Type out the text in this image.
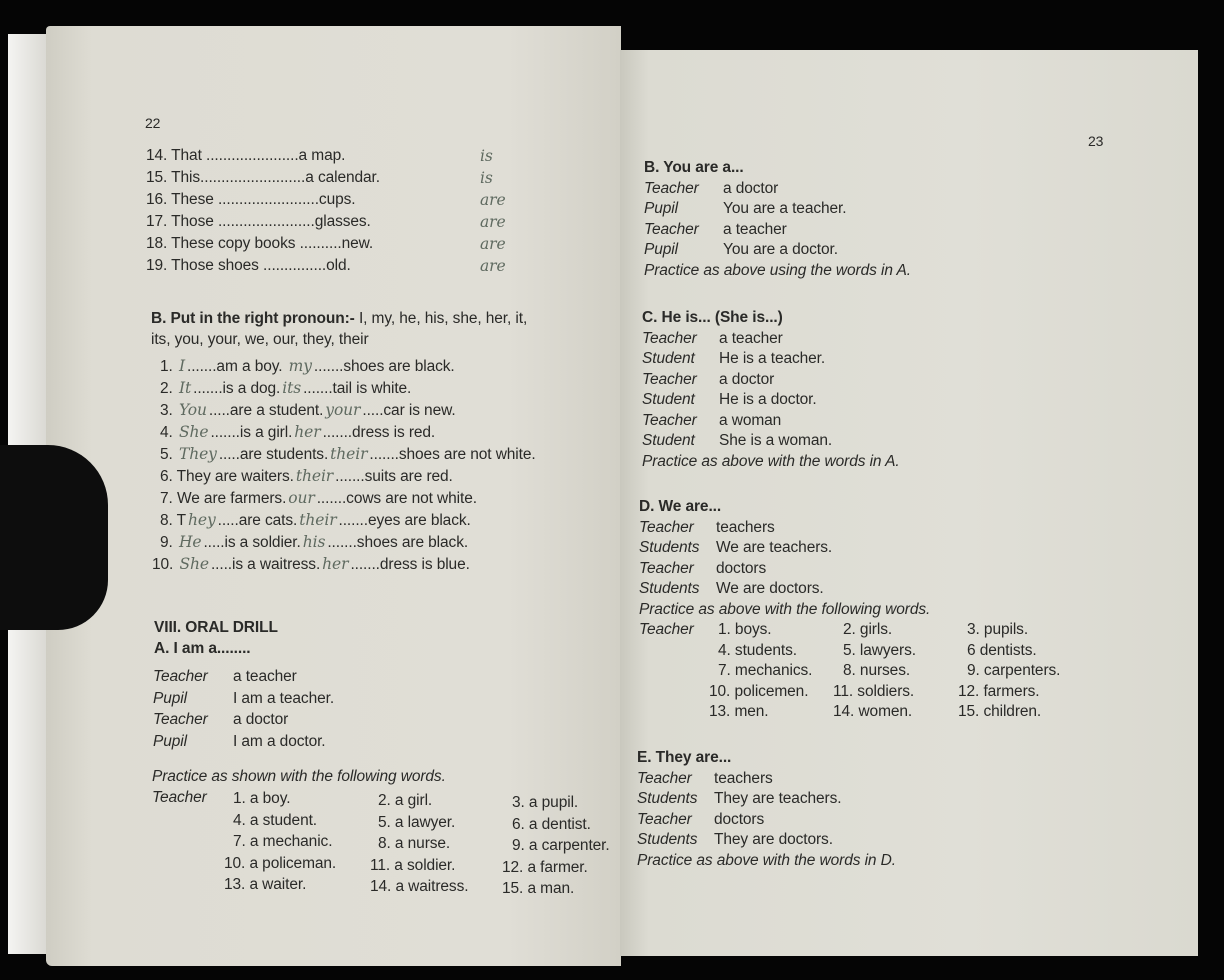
22
14. That ......................a map.	is
15. This.........................a calendar.	is
16. These ........................cups.	are
17. Those .......................glasses.	are
18. These copy books ..........new.	are
19. Those shoes ...............old.	are
B. Put in the right pronoun:- I, my, he, his, she, her, it,
its, you, your, we, our, they, their
1. I .......am a boy. my .......shoes are black.
2. It .......is a dog. its .......tail is white.
3. You .....are a student. your .....car is new.
4. She .......is a girl. her .......dress is red.
5. They .....are students. their .......shoes are not white.
6. They are waiters. their .......suits are red.
7. We are farmers. our .......cows are not white.
8. T hey .....are cats. their .......eyes are black.
9. He .....is a soldier. his .......shoes are black.
10. She .....is a waitress. her .......dress is blue.
VIII. ORAL DRILL
A. I am a........
Teacher a teacher
Pupil	I am a teacher.
Teacher a doctor
Pupil	I am a doctor.
Practice as shown with the following words.
Teacher 1. a boy.	2. a girl.	3. a pupil.
4. a student.	5. a lawyer.	6. a dentist.
7. a mechanic.	8. a nurse.	9. a carpenter.
10. a policeman. 11. a soldier.	12. a farmer.
13. a waiter.	14. a waitress. 15. a man.
23
B. You are a...
Teacher a doctor
Pupil	You are a teacher.
Teacher a teacher
Pupil	You are a doctor.
Practice as above using the words in A.
C. He is... (She is...)
Teacher a teacher
Student He is a teacher.
Teacher a doctor
Student He is a doctor.
Teacher a woman
Student She is a woman.
Practice as above with the words in A.
D. We are...
Teacher teachers
Students We are teachers.
Teacher doctors
Students We are doctors.
Practice as above with the following words.
Teacher 1. boys.	2. girls.	3. pupils.
4. students.	5. lawyers.	6 dentists.
7. mechanics. 8. nurses.	9. carpenters.
10. policemen. 11. soldiers.	12. farmers.
13. men.	14. women.	15. children.
E. They are...
Teacher teachers
Students They are teachers.
Teacher doctors
Students They are doctors.
Practice as above with the words in D.
